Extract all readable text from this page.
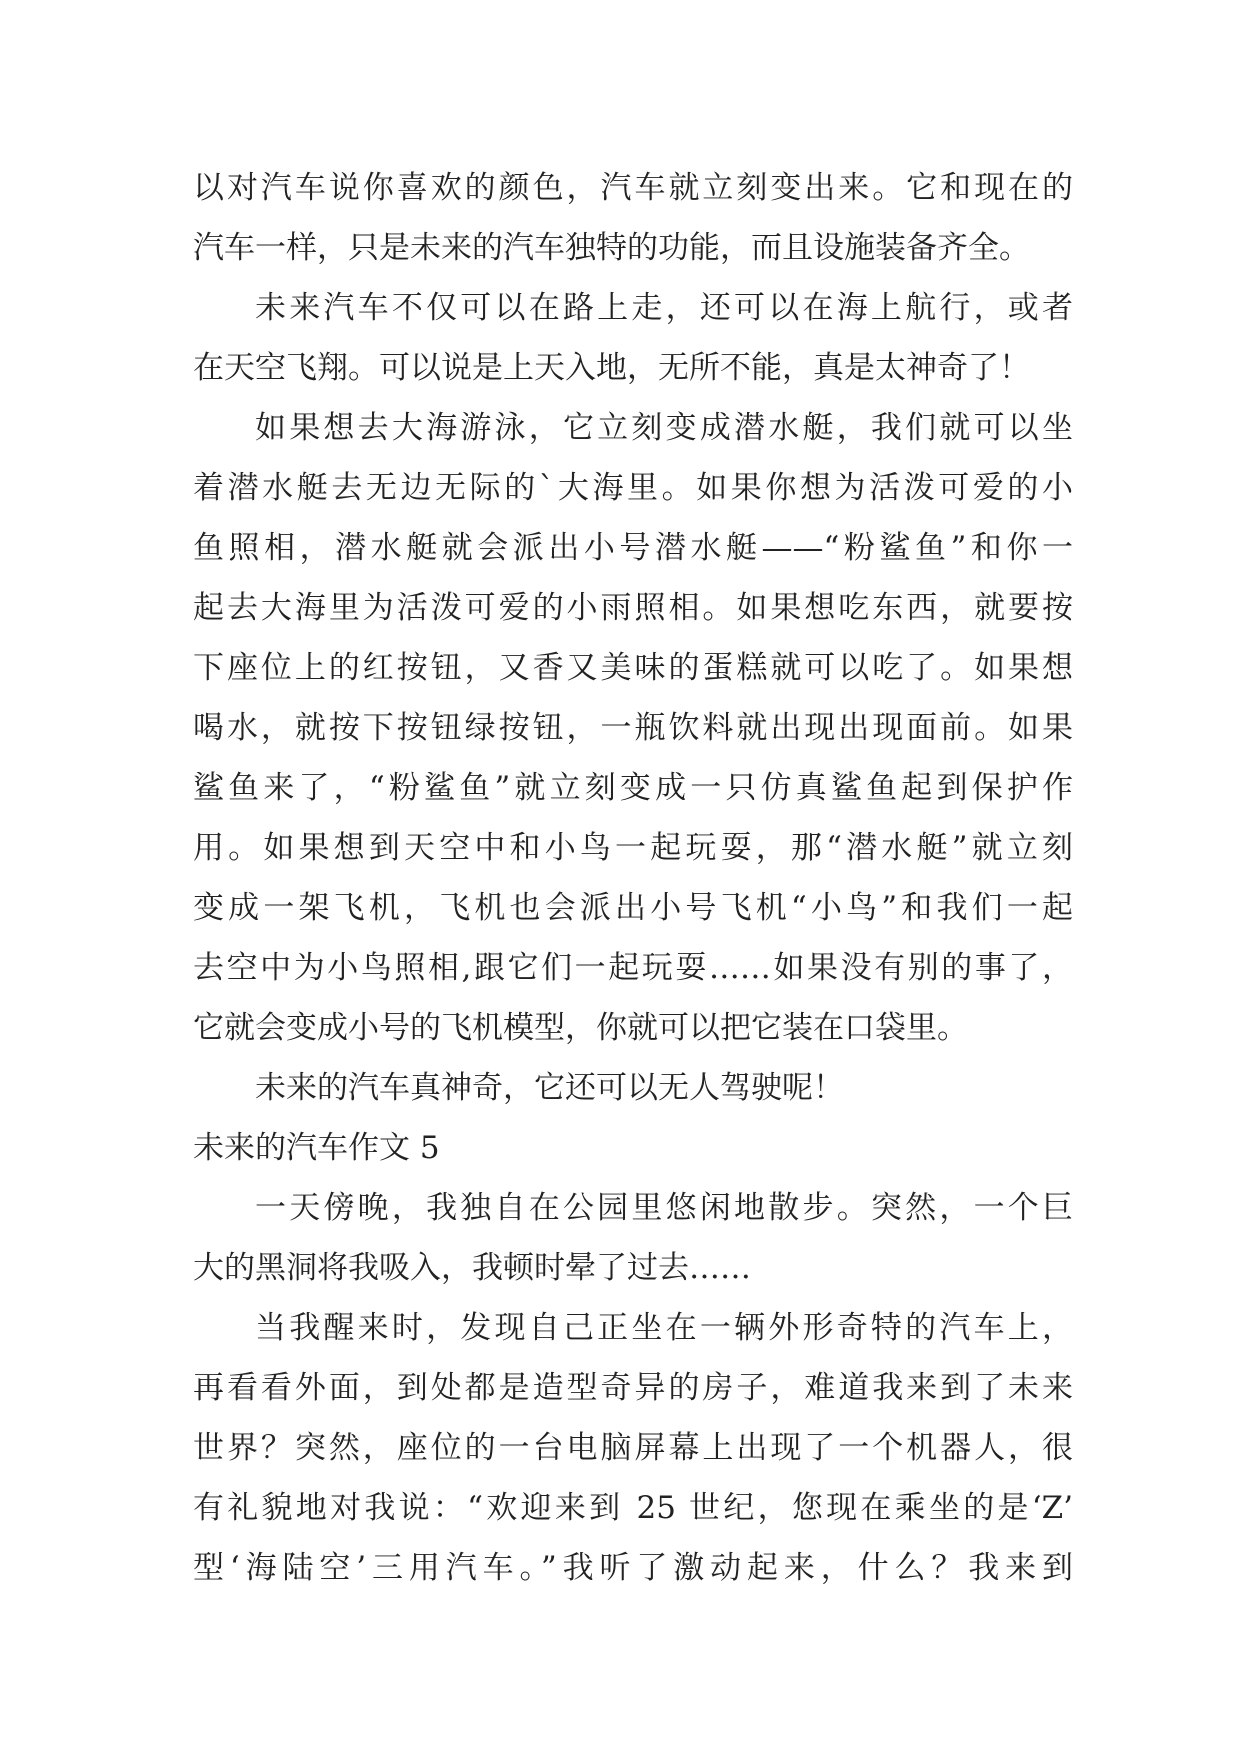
以对汽车说你喜欢的颜色，汽车就立刻变出来。它和现在的
汽车一样，只是未来的汽车独特的功能，而且设施装备齐全。
未来汽车不仅可以在路上走，还可以在海上航行，或者
在天空飞翔。可以说是上天入地，无所不能，真是太神奇了！
如果想去大海游泳，它立刻变成潜水艇，我们就可以坐
着潜水艇去无边无际的`大海里。如果你想为活泼可爱的小
鱼照相，潜水艇就会派出小号潜水艇——“粉鲨鱼”和你一
起去大海里为活泼可爱的小雨照相。如果想吃东西，就要按
下座位上的红按钮，又香又美味的蛋糕就可以吃了。如果想
喝水，就按下按钮绿按钮，一瓶饮料就出现出现面前。如果
鲨鱼来了，“粉鲨鱼”就立刻变成一只仿真鲨鱼起到保护作
用。如果想到天空中和小鸟一起玩耍，那“潜水艇”就立刻
变成一架飞机，飞机也会派出小号飞机“小鸟”和我们一起
去空中为小鸟照相,跟它们一起玩耍……如果没有别的事了，
它就会变成小号的飞机模型，你就可以把它装在口袋里。
未来的汽车真神奇，它还可以无人驾驶呢！
未来的汽车作文 5
一天傍晚，我独自在公园里悠闲地散步。突然，一个巨
大的黑洞将我吸入，我顿时晕了过去……
当我醒来时，发现自己正坐在一辆外形奇特的汽车上，
再看看外面，到处都是造型奇异的房子，难道我来到了未来
世界？突然，座位的一台电脑屏幕上出现了一个机器人，很
有礼貌地对我说：“欢迎来到 25 世纪，您现在乘坐的是‘Z’
型‘海陆空’三用汽车。”我听了激动起来，什么？我来到
